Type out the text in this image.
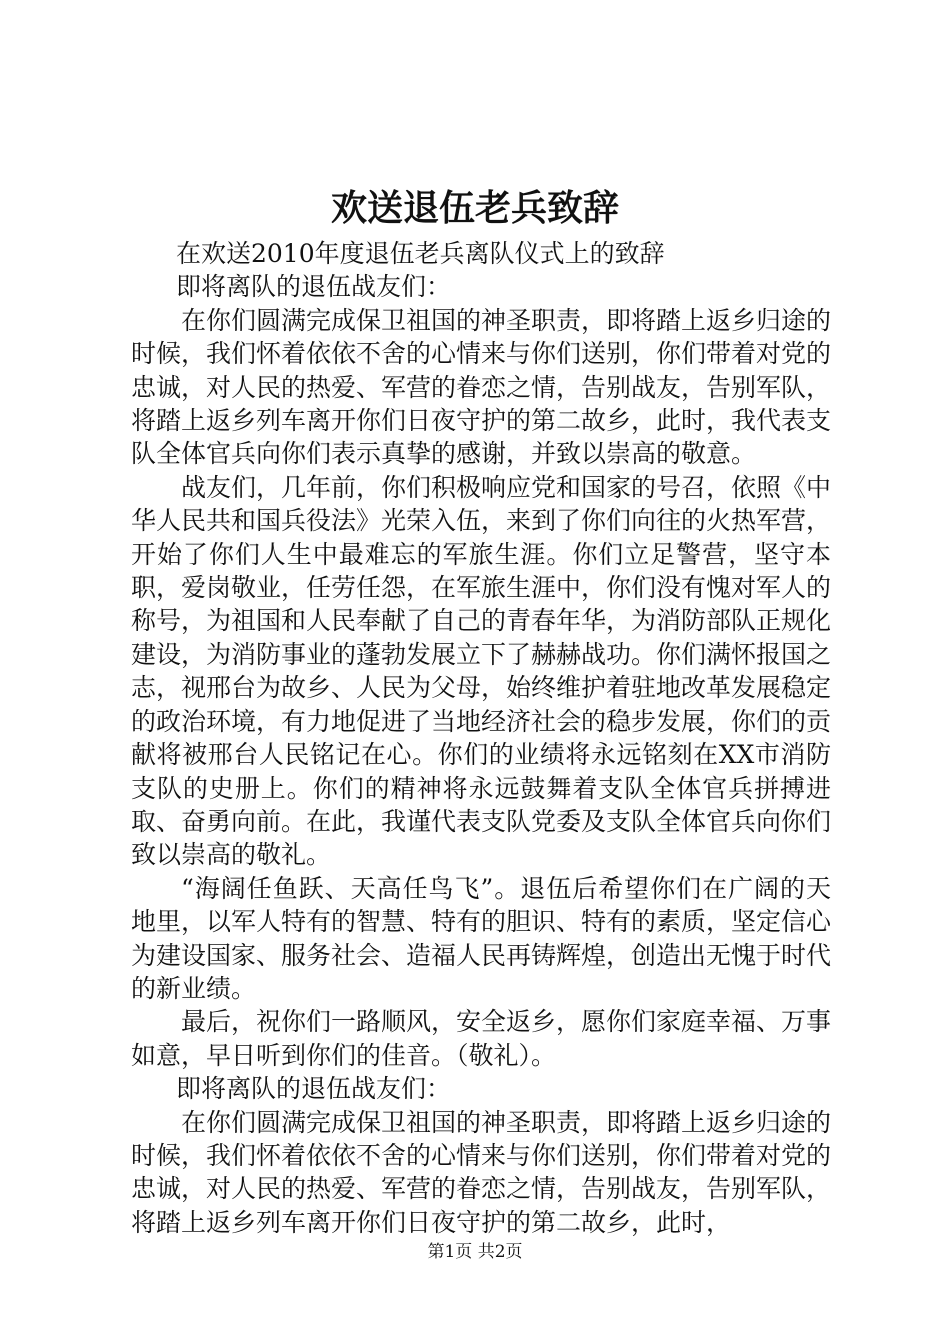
欢送退伍老兵致辞

在欢送2010年度退伍老兵离队仪式上的致辞

即将离队的退伍战友们：

在你们圆满完成保卫祖国的神圣职责，即将踏上返乡归途的时候，我们怀着依依不舍的心情来与你们送别，你们带着对党的忠诚，对人民的热爱、军营的眷恋之情，告别战友，告别军队，将踏上返乡列车离开你们日夜守护的第二故乡，此时，我代表支队全体官兵向你们表示真挚的感谢，并致以崇高的敬意。

战友们，几年前，你们积极响应党和国家的号召，依照《中华人民共和国兵役法》光荣入伍，来到了你们向往的火热军营，开始了你们人生中最难忘的军旅生涯。你们立足警营，坚守本职，爱岗敬业，任劳任怨，在军旅生涯中，你们没有愧对军人的称号，为祖国和人民奉献了自己的青春年华，为消防部队正规化建设，为消防事业的蓬勃发展立下了赫赫战功。你们满怀报国之志，视邢台为故乡、人民为父母，始终维护着驻地改革发展稳定的政治环境，有力地促进了当地经济社会的稳步发展，你们的贡献将被邢台人民铭记在心。你们的业绩将永远铭刻在XX市消防支队的史册上。你们的精神将永远鼓舞着支队全体官兵拼搏进取、奋勇向前。在此，我谨代表支队党委及支队全体官兵向你们致以崇高的敬礼。

“海阔任鱼跃、天高任鸟飞”。退伍后希望你们在广阔的天地里，以军人特有的智慧、特有的胆识、特有的素质，坚定信心为建设国家、服务社会、造福人民再铸辉煌，创造出无愧于时代的新业绩。

最后，祝你们一路顺风，安全返乡，愿你们家庭幸福、万事如意，早日听到你们的佳音。（敬礼）。

即将离队的退伍战友们：

在你们圆满完成保卫祖国的神圣职责，即将踏上返乡归途的时候，我们怀着依依不舍的心情来与你们送别，你们带着对党的忠诚，对人民的热爱、军营的眷恋之情，告别战友，告别军队，将踏上返乡列车离开你们日夜守护的第二故乡，此时，

第1页 共2页
